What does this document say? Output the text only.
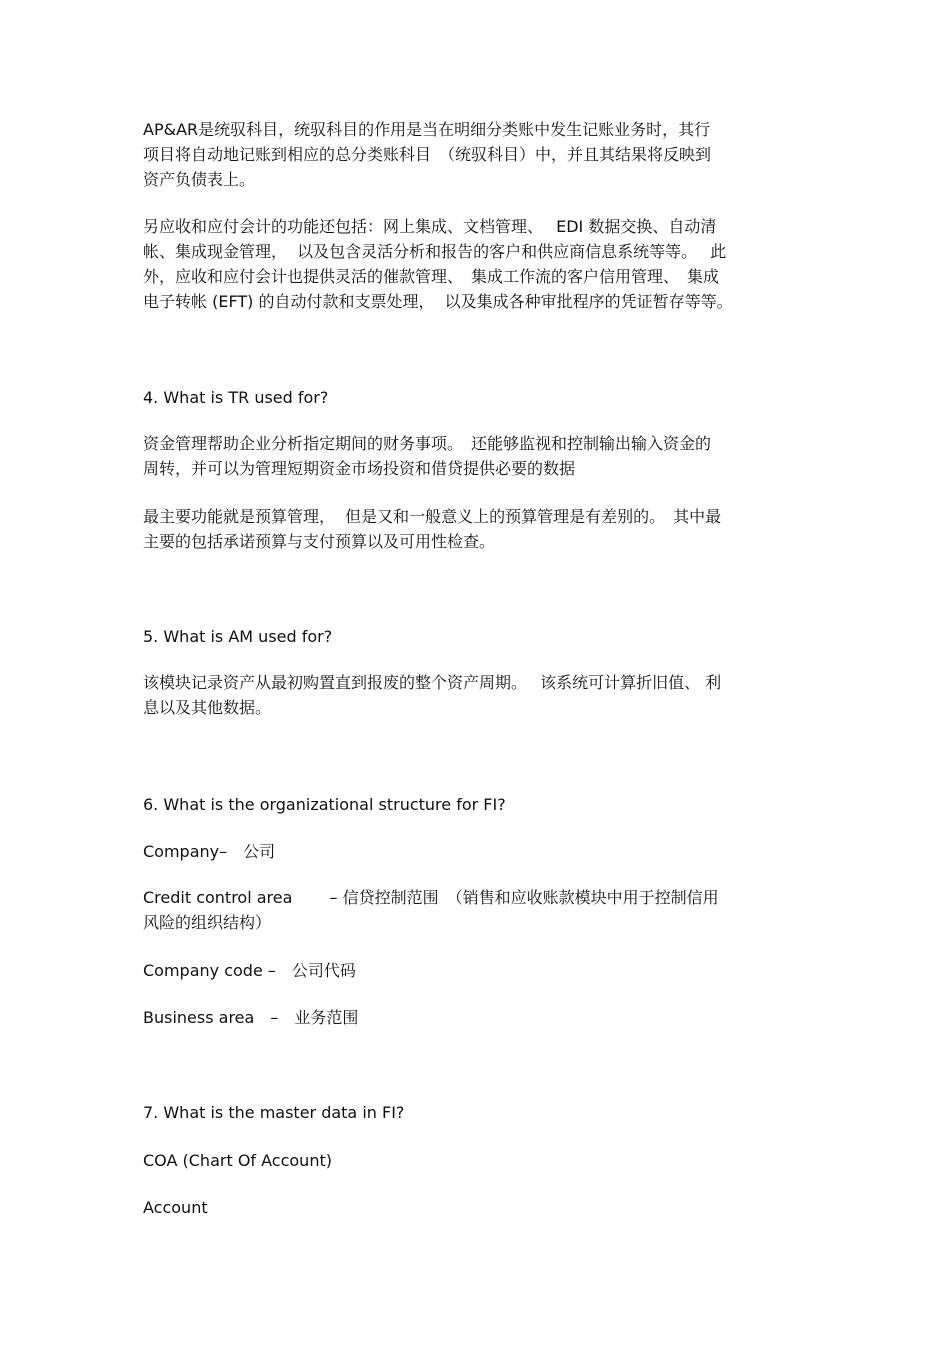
AP&AR是统驭科目，统驭科目的作用是当在明细分类账中发生记账业务时，其行
项目将自动地记账到相应的总分类账科目　（统驭科目）中，并且其结果将反映到
资产负债表上。

另应收和应付会计的功能还包括：网上集成、文档管理、　 EDI 数据交换、自动清
帐、集成现金管理，  以及包含灵活分析和报告的客户和供应商信息系统等等。　 此
外，应收和应付会计也提供灵活的催款管理、　集成工作流的客户信用管理、　集成
电子转帐 (EFT) 的自动付款和支票处理，  以及集成各种审批程序的凭证暂存等等。

4. What is TR used for?

资金管理帮助企业分析指定期间的财务事项。　还能够监视和控制输出输入资金的
周转，并可以为管理短期资金市场投资和借贷提供必要的数据

最主要功能就是预算管理，  但是又和一般意义上的预算管理是有差别的。　其中最
主要的包括承诺预算与支付预算以及可用性检查。

5. What is AM used for?

该模块记录资产从最初购置直到报废的整个资产周期。　 该系统可计算折旧值、 利
息以及其他数据。

6. What is the organizational structure for FI?

Company–　公司

Credit control area　　 – 信贷控制范围　（销售和应收账款模块中用于控制信用
风险的组织结构）

Company code –　公司代码

Business area　–　业务范围

7. What is the master data in FI?

COA (Chart Of Account)

Account
